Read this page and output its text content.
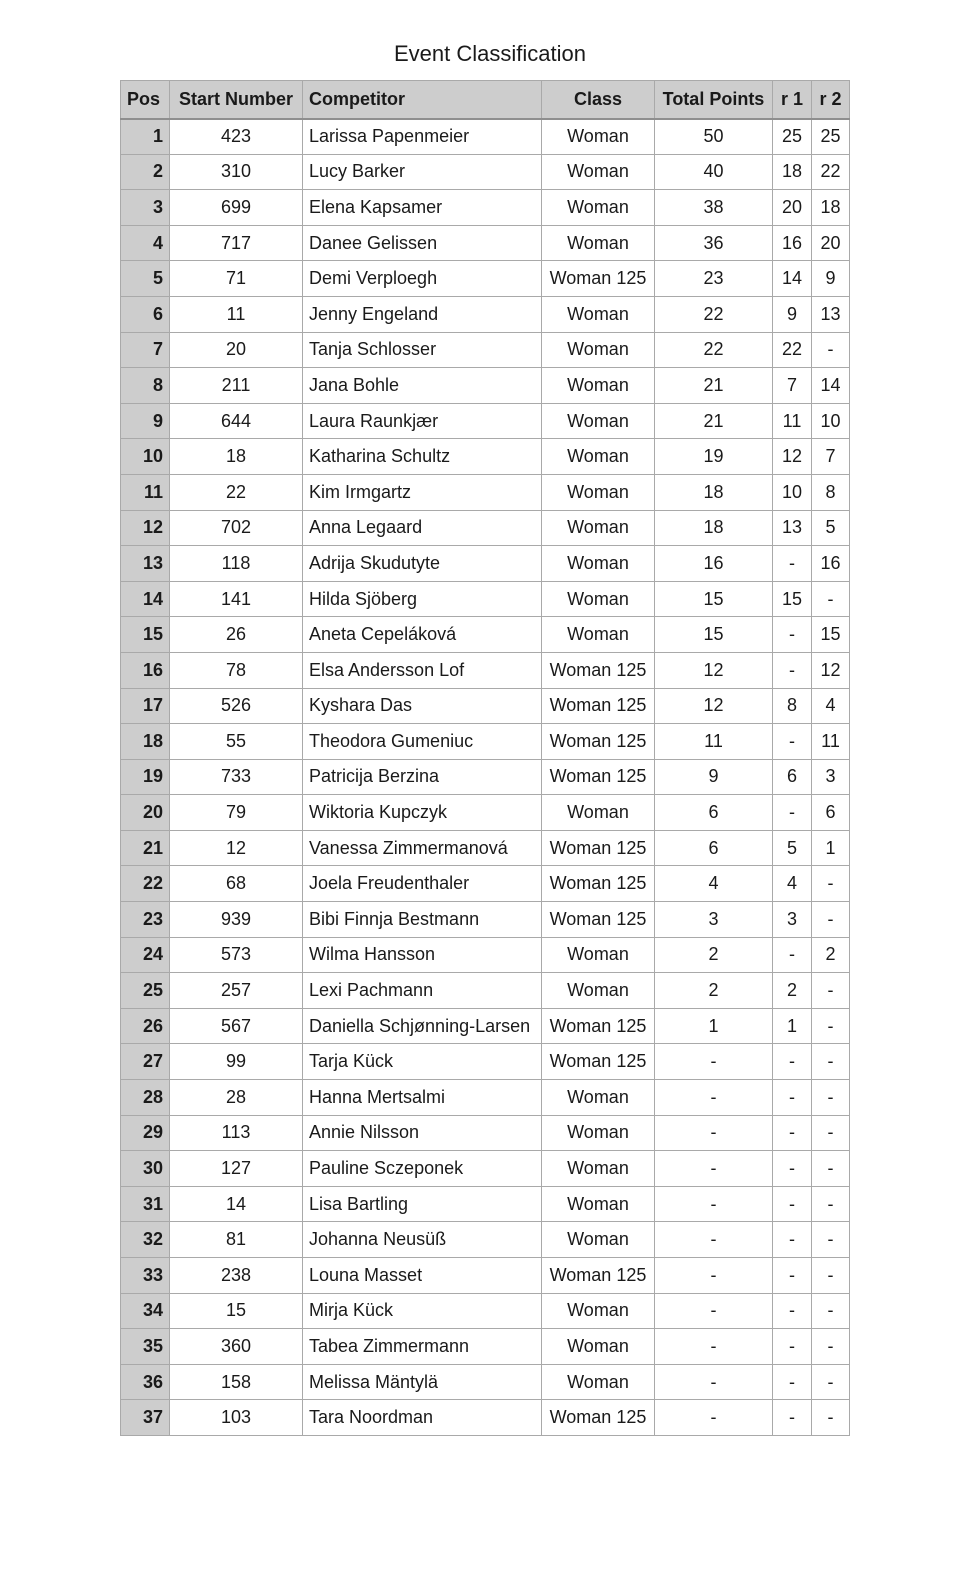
Event Classification
Pos	Start Number	Competitor	Class	Total Points	r 1	r 2
1	423	Larissa Papenmeier	Woman	50	25	25
2	310	Lucy Barker	Woman	40	18	22
3	699	Elena Kapsamer	Woman	38	20	18
4	717	Danee Gelissen	Woman	36	16	20
5	71	Demi Verploegh	Woman 125	23	14	9
6	11	Jenny Engeland	Woman	22	9	13
7	20	Tanja Schlosser	Woman	22	22	-
8	211	Jana Bohle	Woman	21	7	14
9	644	Laura Raunkjær	Woman	21	11	10
10	18	Katharina Schultz	Woman	19	12	7
11	22	Kim Irmgartz	Woman	18	10	8
12	702	Anna Legaard	Woman	18	13	5
13	118	Adrija Skudutyte	Woman	16	-	16
14	141	Hilda Sjöberg	Woman	15	15	-
15	26	Aneta Cepeláková	Woman	15	-	15
16	78	Elsa Andersson Lof	Woman 125	12	-	12
17	526	Kyshara Das	Woman 125	12	8	4
18	55	Theodora Gumeniuc	Woman 125	11	-	11
19	733	Patricija Berzina	Woman 125	9	6	3
20	79	Wiktoria Kupczyk	Woman	6	-	6
21	12	Vanessa Zimmermanová	Woman 125	6	5	1
22	68	Joela Freudenthaler	Woman 125	4	4	-
23	939	Bibi Finnja Bestmann	Woman 125	3	3	-
24	573	Wilma Hansson	Woman	2	-	2
25	257	Lexi Pachmann	Woman	2	2	-
26	567	Daniella Schjønning-Larsen	Woman 125	1	1	-
27	99	Tarja Kück	Woman 125	-	-	-
28	28	Hanna Mertsalmi	Woman	-	-	-
29	113	Annie Nilsson	Woman	-	-	-
30	127	Pauline Sczeponek	Woman	-	-	-
31	14	Lisa Bartling	Woman	-	-	-
32	81	Johanna Neusüß	Woman	-	-	-
33	238	Louna Masset	Woman 125	-	-	-
34	15	Mirja Kück	Woman	-	-	-
35	360	Tabea Zimmermann	Woman	-	-	-
36	158	Melissa Mäntylä	Woman	-	-	-
37	103	Tara Noordman	Woman 125	-	-	-
